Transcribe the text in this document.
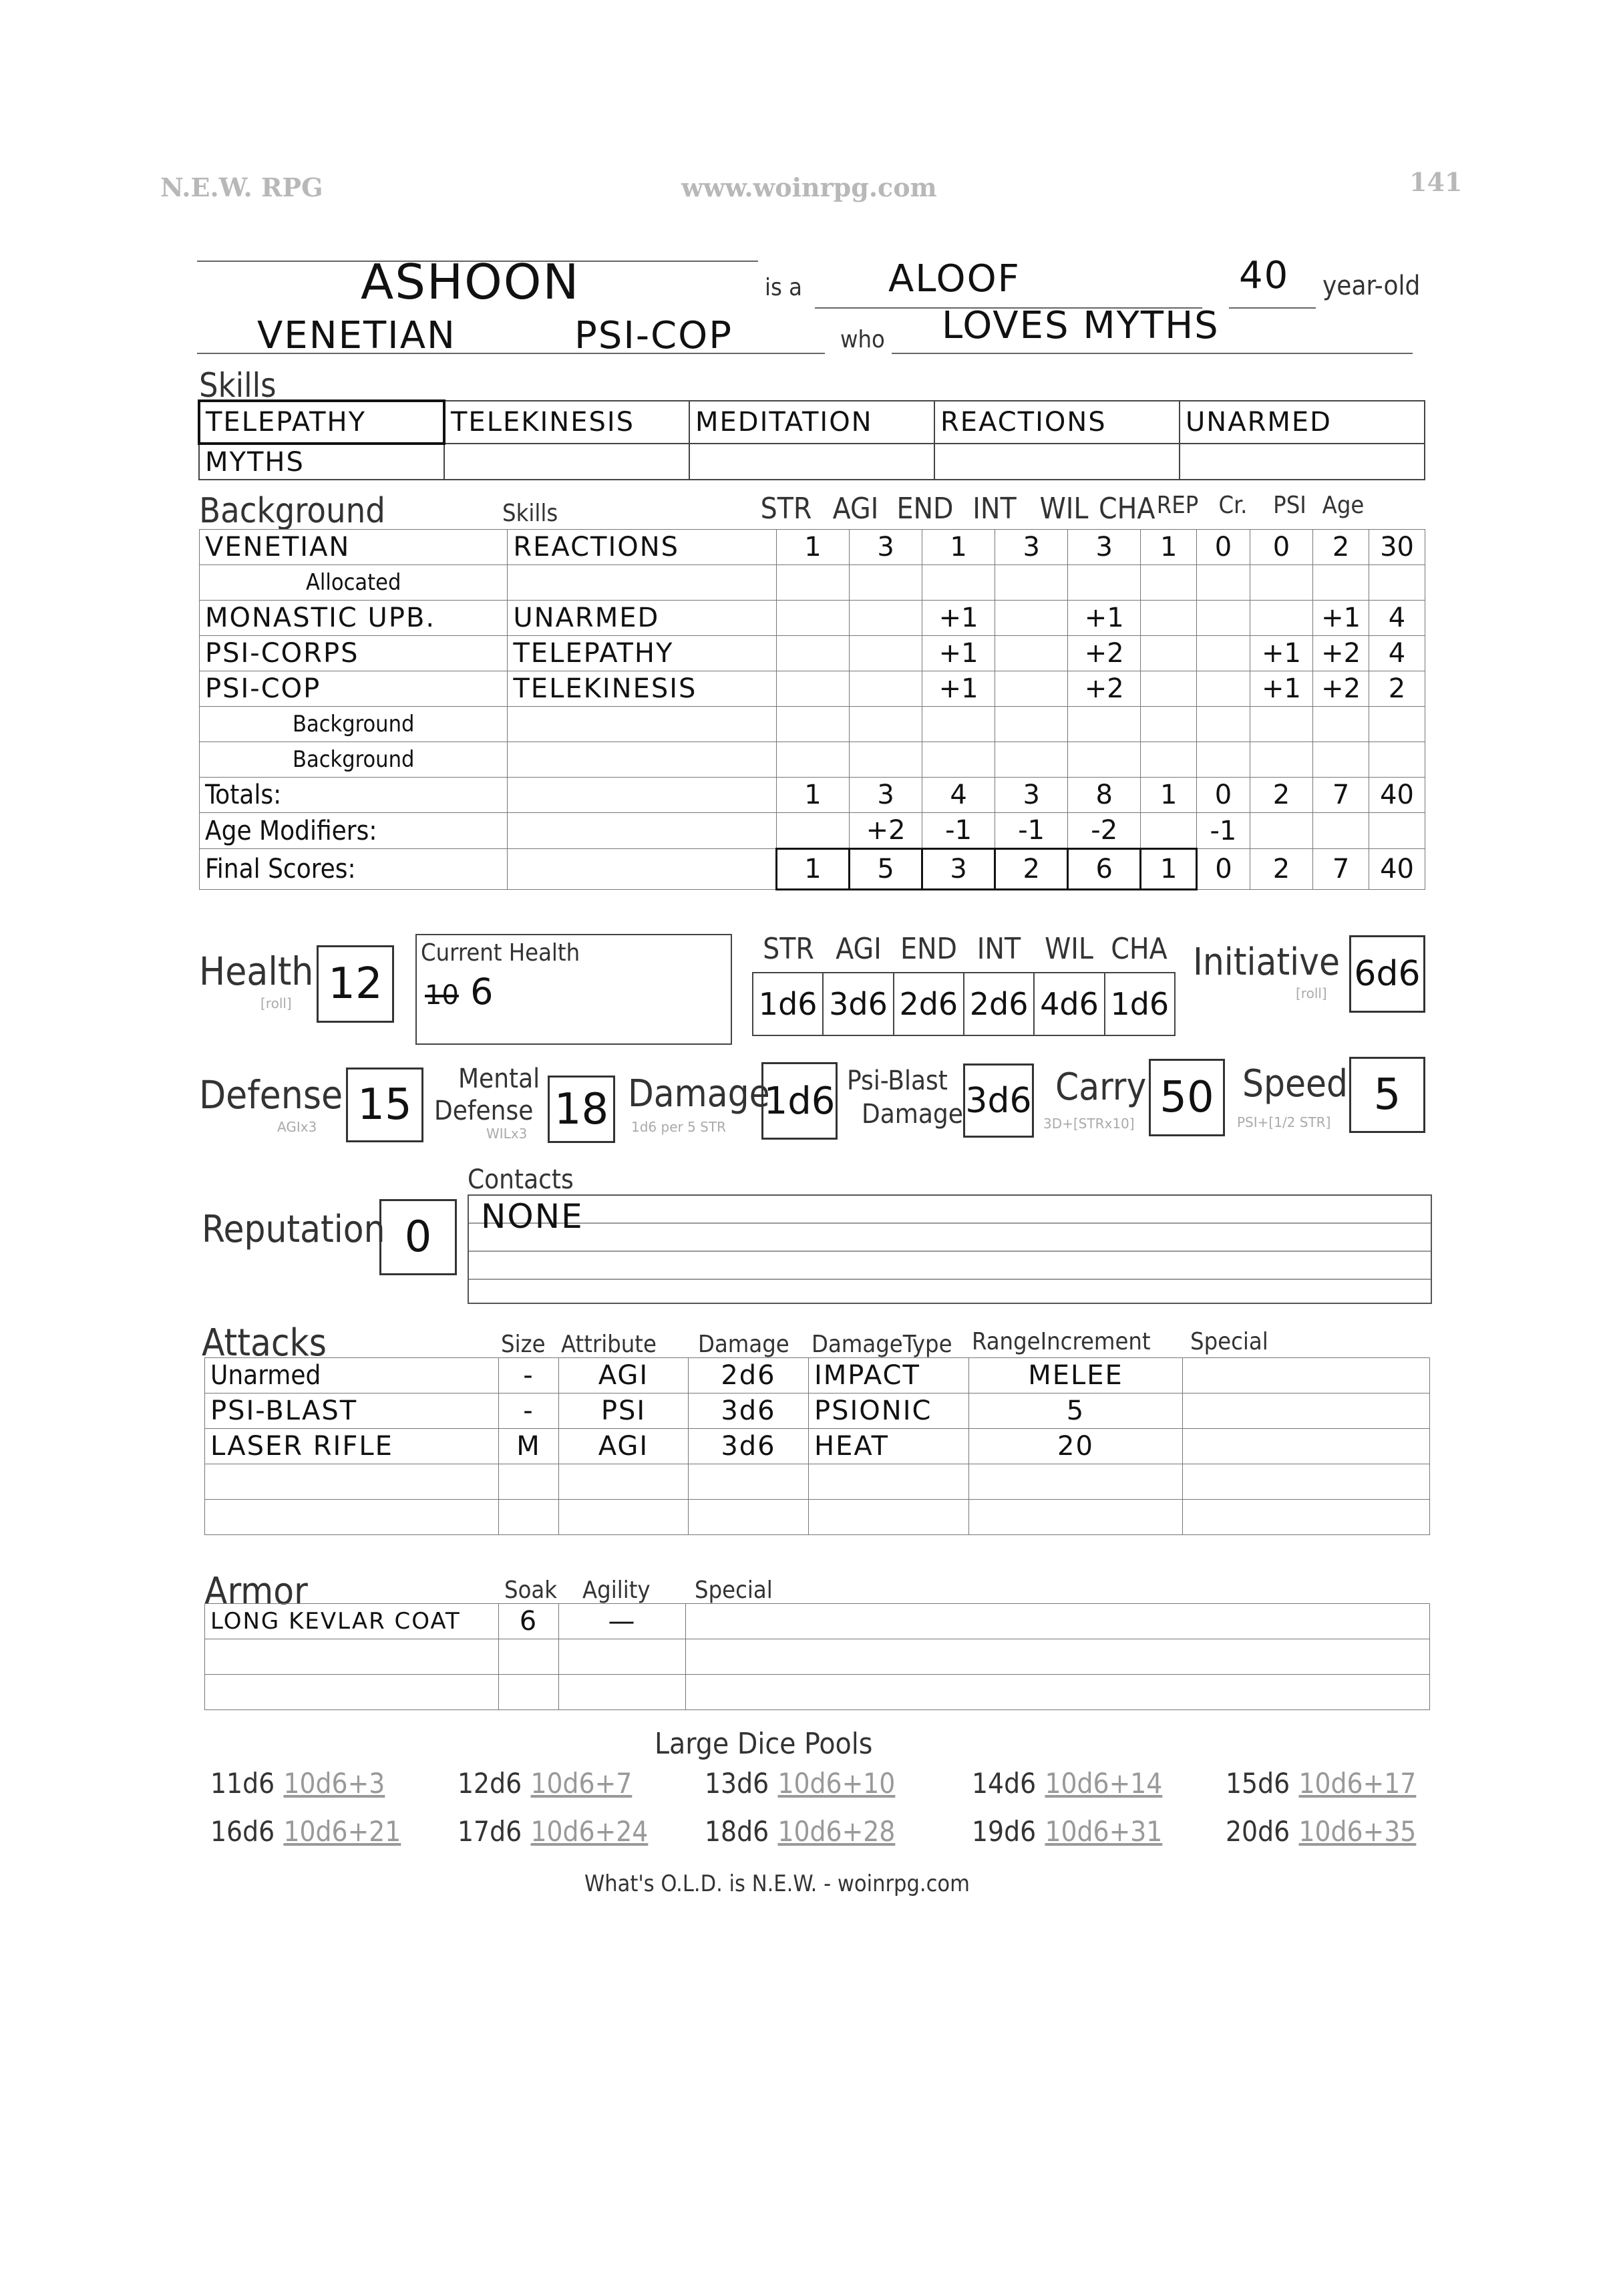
N.E.W. RPG	www.woinrpg.com	141
ASHOON	is a ALOOF	40 year-old
VENETIAN	PSI-COP	who LOVES MYTHS
Skills
TELEPATHY	TELEKINESIS	MEDITATION	REACTIONS	UNARMED
MYTHS				
Background	Skills	STR AGI END INT WIL CHA REP Cr.	PSI Age
VENETIAN	REACTIONS	1	3	1	3	3	1	0	0	2	30
Allocated											
MONASTIC UPB.	UNARMED			+1		+1				+1	4
PSI-CORPS	TELEPATHY			+1		+2			+1	+2	4
PSI-COP	TELEKINESIS			+1		+2			+1	+2	2
Background											
Background											
Totals:		1	3	4	3	8	1	0	2	7	40
Age Modifiers:			+2	-1	-1	-2		-1			
Final Scores:		1	5	3	2	6	1	0	2	7	40
Health
[roll] 12
Current Health
10 6
STR AGI END INT WIL CHA
1d6	3d6	2d6	2d6	4d6	1d6
Initiative
[roll] 6d6
Defense
AGIx3 15
Mental
Defense
WILx3 18 Damage
1d6 per 5 STR
1d6 Psi-Blast
Damage 3d6 Carry
3D+[STRx10]
50 Speed
PSI+[1/2 STR]
5
Reputation 0
Contacts
NONE
Attacks	Size Attribute Damage DamageType RangeIncrement Special
Unarmed	-	AGI	2d6	IMPACT	MELEE	
PSI-BLAST	-	PSI	3d6	PSIONIC	5	
LASER RIFLE	M	AGI	3d6	HEAT	20	

Armor	Soak Agility Special
LONG KEVLAR COAT	6	—	

Large Dice Pools
11d6 10d6+3	12d6 10d6+7	13d6 10d6+10	14d6 10d6+14 15d6 10d6+17
16d6 10d6+21 17d6 10d6+24 18d6 10d6+28	19d6 10d6+31 20d6 10d6+35
What's O.L.D. is N.E.W. - woinrpg.com
